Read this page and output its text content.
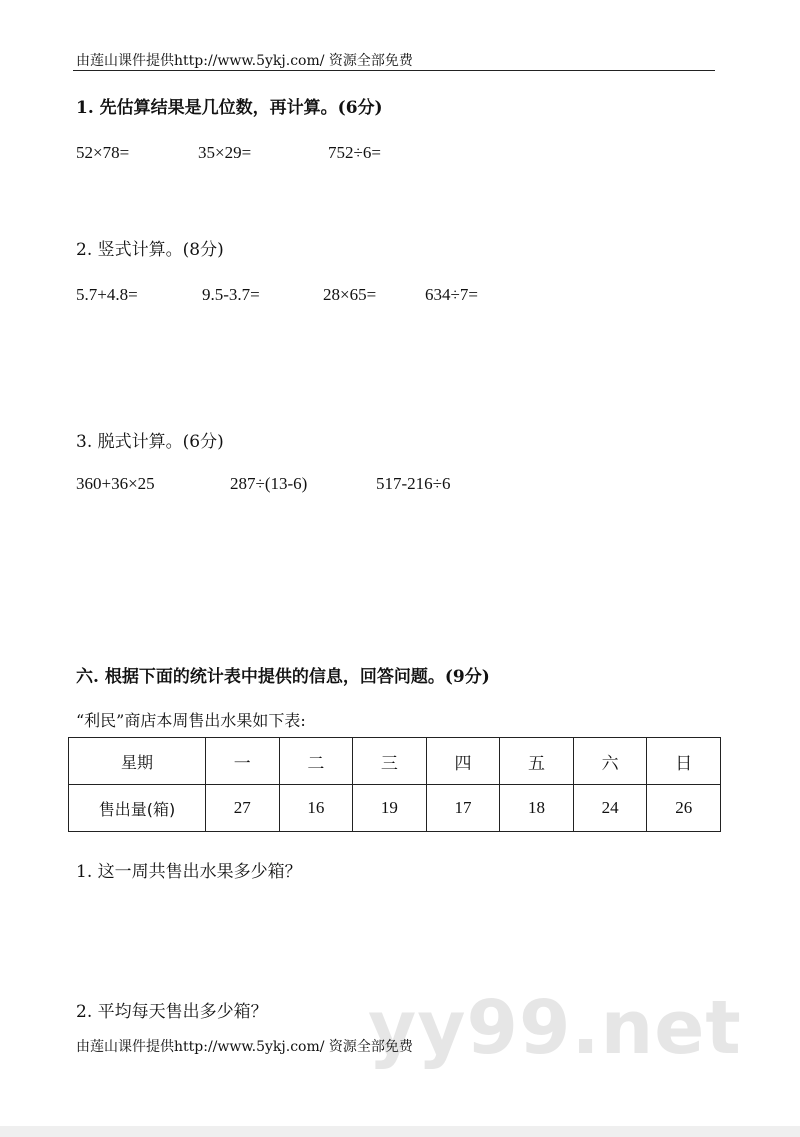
由莲山课件提供http://www.5ykj.com/ 资源全部免费
1. 先估算结果是几位数，再计算。(6分)
52×78=	35×29=	752÷6=
2. 竖式计算。(8分)
5.7+4.8=	9.5-3.7=	28×65=	634÷7=
3. 脱式计算。(6分)
360+36×25	287÷(13-6)	517-216÷6
六. 根据下面的统计表中提供的信息，回答问题。(9分)
“利民”商店本周售出水果如下表:
星期	一	二	三	四	五	六	日
售出量(箱)	27	16	19	17	18	24	26
1. 这一周共售出水果多少箱？
2. 平均每天售出多少箱？ yy99.net
由莲山课件提供http://www.5ykj.com/ 资源全部免费
